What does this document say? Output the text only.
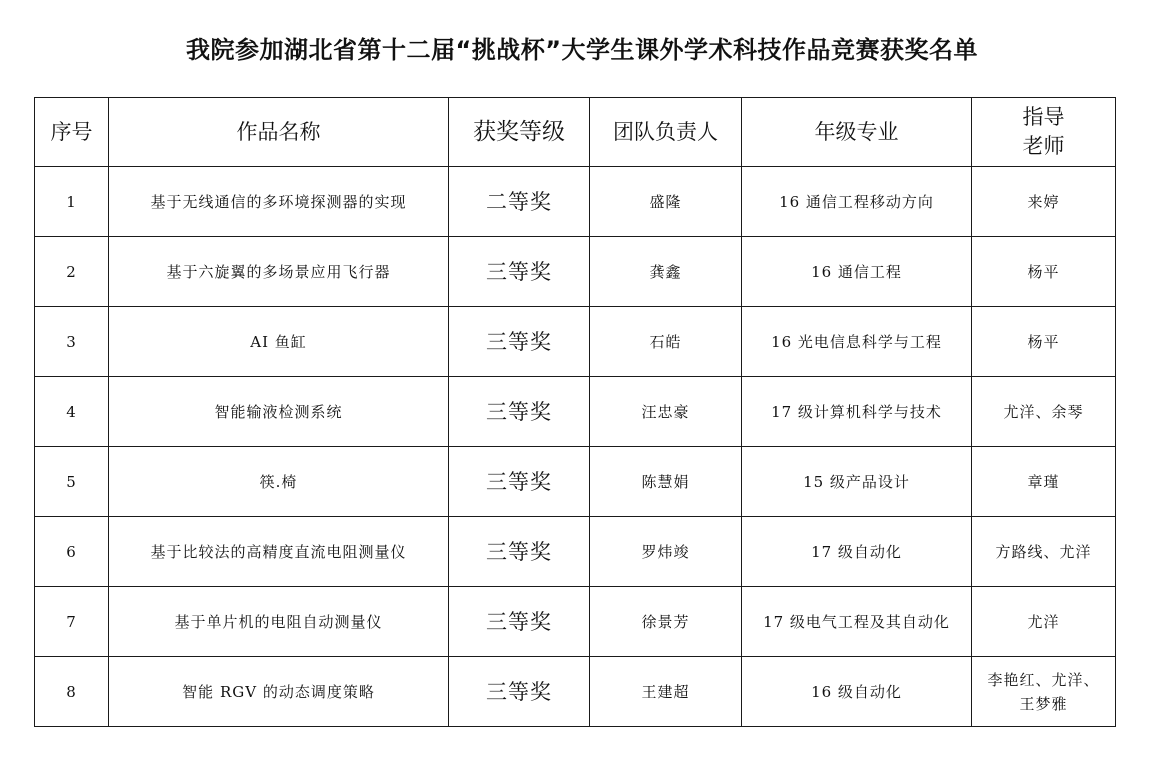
我院参加湖北省第十二届“挑战杯”大学生课外学术科技作品竞赛获奖名单
序号	作品名称	获奖等级	团队负责人	年级专业	指导
老师

1	基于无线通信的多环境探测器的实现	二等奖	盛隆	16 通信工程移动方向	来婷
2	基于六旋翼的多场景应用飞行器	三等奖	龚鑫	16 通信工程	杨平
3	AI 鱼缸	三等奖	石皓	16 光电信息科学与工程	杨平
4	智能输液检测系统	三等奖	汪忠豪	17 级计算机科学与技术	尤洋、余琴
5	筷.椅	三等奖	陈慧娟	15 级产品设计	章瑾
6	基于比较法的高精度直流电阻测量仪	三等奖	罗炜竣	17 级自动化	方路线、尤洋
7	基于单片机的电阻自动测量仪	三等奖	徐景芳	17 级电气工程及其自动化	尤洋
8	智能 RGV 的动态调度策略	三等奖	王建超	16 级自动化	李艳红、尤洋、
王梦雅
